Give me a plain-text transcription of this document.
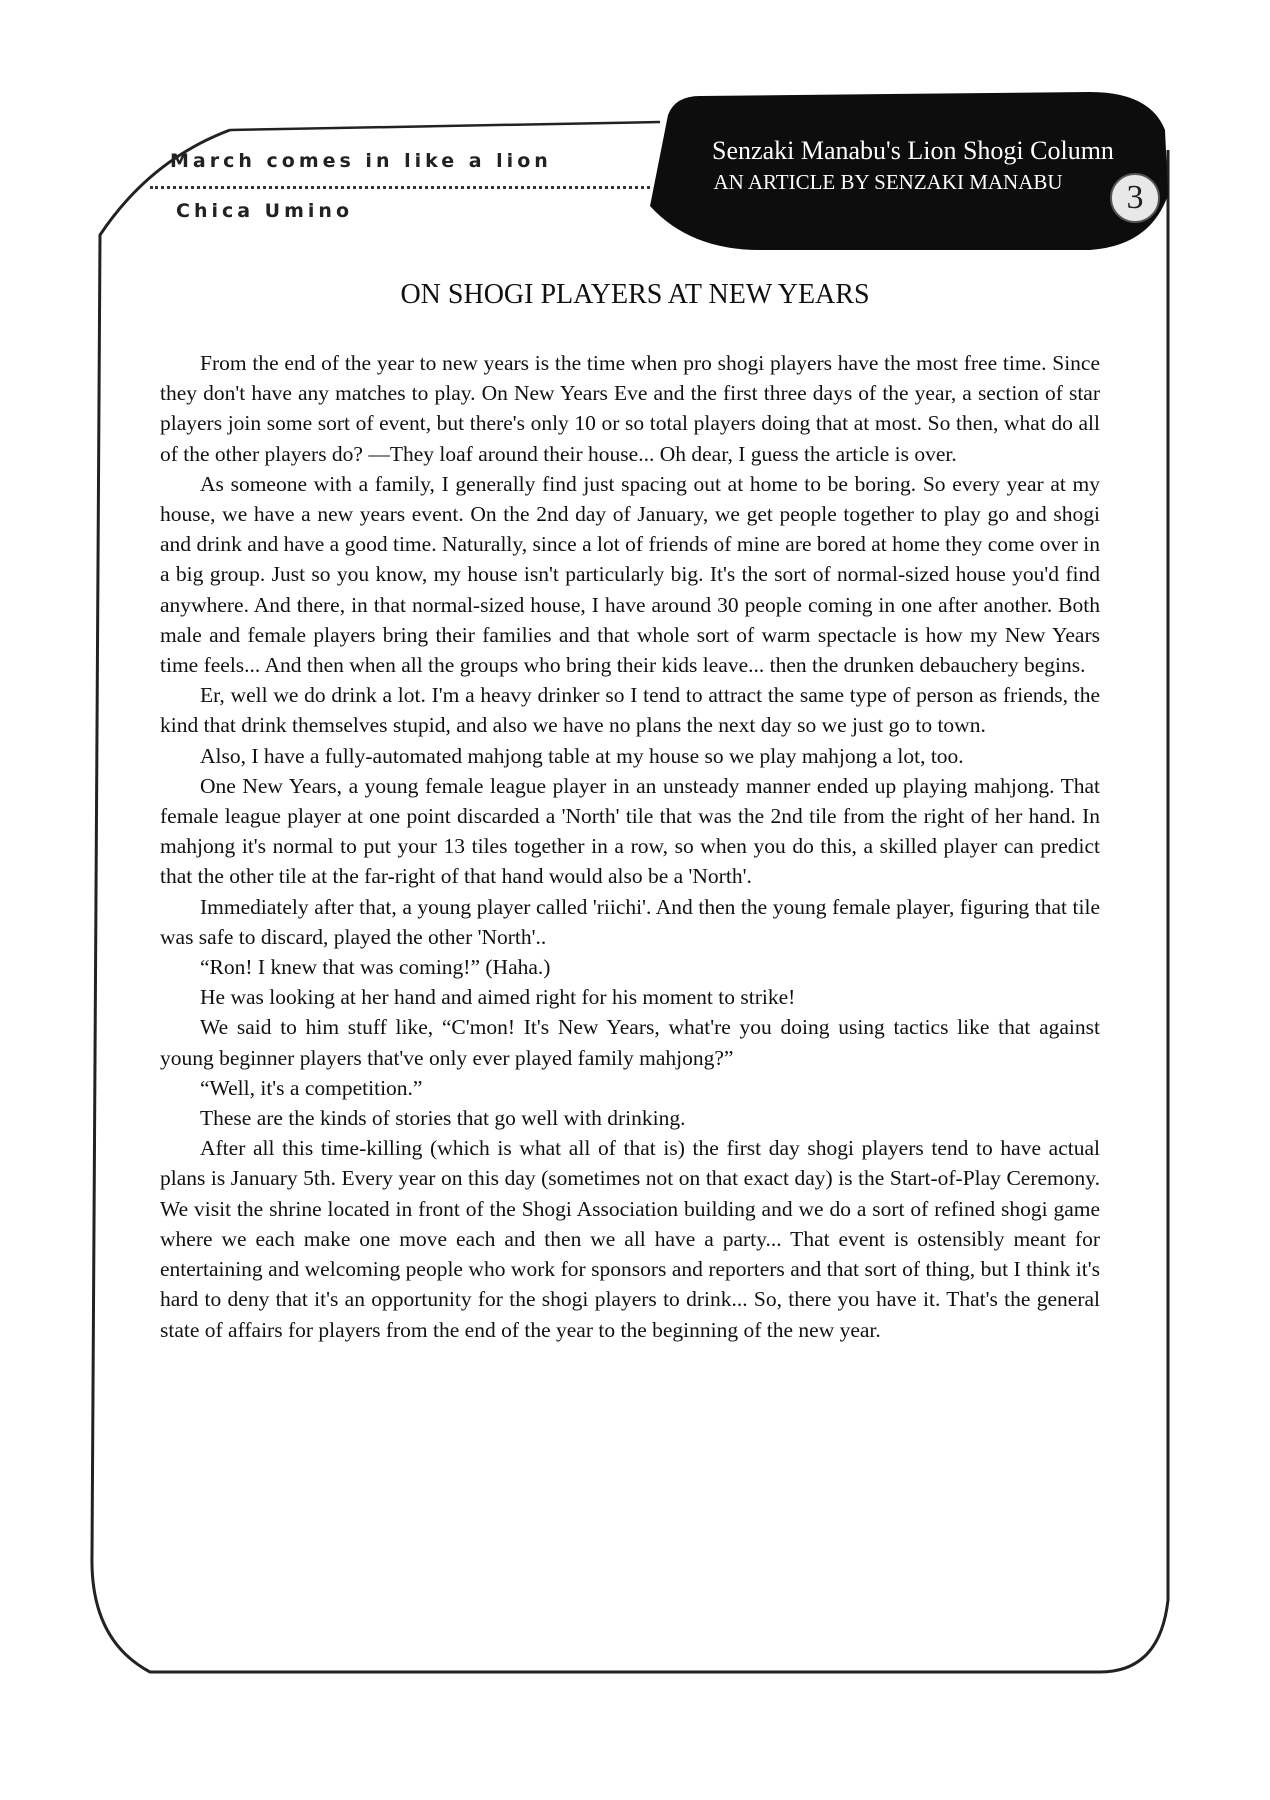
March comes in like a lion

Chica Umino

Senzaki Manabu's Lion Shogi Column

AN ARTICLE BY SENZAKI MANABU	3
ON SHOGI PLAYERS AT NEW YEARS

From the end of the year to new years is the time when pro shogi players have the most free time. Since they don't have any matches to play. On New Years Eve and the first three days of the year, a section of star players join some sort of event, but there's only 10 or so total players doing that at most. So then, what do all of the other players do? —They loaf around their house... Oh dear, I guess the article is over.

As someone with a family, I generally find just spacing out at home to be boring. So every year at my house, we have a new years event. On the 2nd day of January, we get people together to play go and shogi and drink and have a good time. Naturally, since a lot of friends of mine are bored at home they come over in a big group. Just so you know, my house isn't particularly big. It's the sort of normal-sized house you'd find anywhere. And there, in that normal-sized house, I have around 30 people coming in one after another. Both male and female players bring their families and that whole sort of warm spectacle is how my New Years time feels... And then when all the groups who bring their kids leave... then the drunken debauchery begins.

Er, well we do drink a lot. I'm a heavy drinker so I tend to attract the same type of person as friends, the kind that drink themselves stupid, and also we have no plans the next day so we just go to town.

Also, I have a fully-automated mahjong table at my house so we play mahjong a lot, too.

One New Years, a young female league player in an unsteady manner ended up playing mahjong. That female league player at one point discarded a 'North' tile that was the 2nd tile from the right of her hand. In mahjong it's normal to put your 13 tiles together in a row, so when you do this, a skilled player can predict that the other tile at the far-right of that hand would also be a 'North'.

Immediately after that, a young player called 'riichi'. And then the young female player, figuring that tile was safe to discard, played the other 'North'..

“Ron! I knew that was coming!” (Haha.)

He was looking at her hand and aimed right for his moment to strike!

We said to him stuff like, “C'mon! It's New Years, what're you doing using tactics like that against young beginner players that've only ever played family mahjong?”

“Well, it's a competition.”

These are the kinds of stories that go well with drinking.

After all this time-killing (which is what all of that is) the first day shogi players tend to have actual plans is January 5th. Every year on this day (sometimes not on that exact day) is the Start-of-Play Ceremony. We visit the shrine located in front of the Shogi Association building and we do a sort of refined shogi game where we each make one move each and then we all have a party... That event is ostensibly meant for entertaining and welcoming people who work for sponsors and reporters and that sort of thing, but I think it's hard to deny that it's an opportunity for the shogi players to drink... So, there you have it. That's the general state of affairs for players from the end of the year to the beginning of the new year.
